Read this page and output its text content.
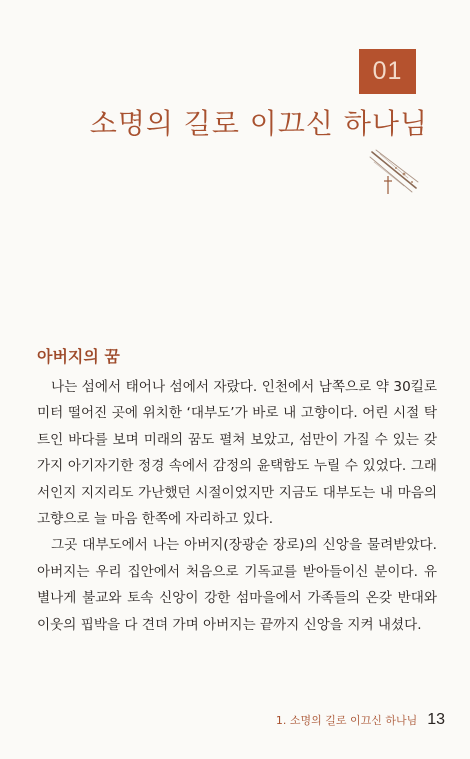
01
소명의 길로 이끄신 하나님
아버지의 꿈

나는 섬에서 태어나 섬에서 자랐다. 인천에서 남쪽으로 약 30킬로미터 떨어진 곳에 위치한 ‘대부도’가 바로 내 고향이다. 어린 시절 탁 트인 바다를 보며 미래의 꿈도 펼쳐 보았고, 섬만이 가질 수 있는 갖가지 아기자기한 정경 속에서 감정의 윤택함도 누릴 수 있었다. 그래서인지 지지리도 가난했던 시절이었지만 지금도 대부도는 내 마음의 고향으로 늘 마음 한쪽에 자리하고 있다.

그곳 대부도에서 나는 아버지(장광순 장로)의 신앙을 물려받았다. 아버지는 우리 집안에서 처음으로 기독교를 받아들이신 분이다. 유별나게 불교와 토속 신앙이 강한 섬마을에서 가족들의 온갖 반대와 이웃의 핍박을 다 견뎌 가며 아버지는 끝까지 신앙을 지켜 내셨다.

1. 소명의 길로 이끄신 하나님 13
